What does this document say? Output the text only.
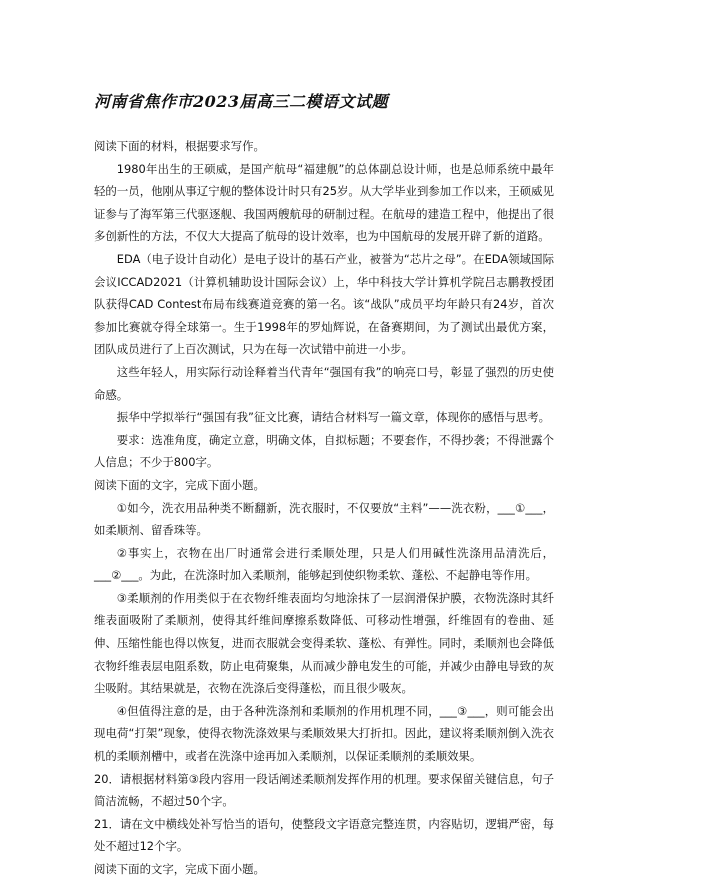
河南省焦作市2023届高三二模语文试题

阅读下面的材料，根据要求写作。

1980年出生的王硕威，是国产航母“福建舰”的总体副总设计师，也是总师系统中最年轻的一员，他刚从事辽宁舰的整体设计时只有25岁。从大学毕业到参加工作以来，王硕威见证参与了海军第三代驱逐舰、我国两艘航母的研制过程。在航母的建造工程中，他提出了很多创新性的方法，不仅大大提高了航母的设计效率，也为中国航母的发展开辟了新的道路。

EDA（电子设计自动化）是电子设计的基石产业，被誉为“芯片之母”。在EDA领域国际会议ICCAD2021（计算机辅助设计国际会议）上，华中科技大学计算机学院吕志鹏教授团队获得CAD Contest布局布线赛道竞赛的第一名。该“战队”成员平均年龄只有24岁，首次参加比赛就夺得全球第一。生于1998年的罗灿辉说，在备赛期间，为了测试出最优方案，团队成员进行了上百次测试，只为在每一次试错中前进一小步。

这些年轻人，用实际行动诠释着当代青年“强国有我”的响亮口号，彰显了强烈的历史使命感。

振华中学拟举行“强国有我”征文比赛，请结合材料写一篇文章，体现你的感悟与思考。

要求：选准角度，确定立意，明确文体，自拟标题；不要套作，不得抄袭；不得泄露个人信息；不少于800字。

阅读下面的文字，完成下面小题。

①如今，洗衣用品种类不断翻新，洗衣服时，不仅要放“主料”——洗衣粉，___①___，如柔顺剂、留香珠等。

②事实上，衣物在出厂时通常会进行柔顺处理，只是人们用碱性洗涤用品清洗后，___②___。为此，在洗涤时加入柔顺剂，能够起到使织物柔软、蓬松、不起静电等作用。

③柔顺剂的作用类似于在衣物纤维表面均匀地涂抹了一层润滑保护膜，衣物洗涤时其纤维表面吸附了柔顺剂，使得其纤维间摩擦系数降低、可移动性增强，纤维固有的卷曲、延伸、压缩性能也得以恢复，进而衣服就会变得柔软、蓬松、有弹性。同时，柔顺剂也会降低衣物纤维表层电阻系数，防止电荷聚集，从而减少静电发生的可能，并减少由静电导致的灰尘吸附。其结果就是，衣物在洗涤后变得蓬松，而且很少吸灰。

④但值得注意的是，由于各种洗涤剂和柔顺剂的作用机理不同，___③___，则可能会出现电荷“打架”现象，使得衣物洗涤效果与柔顺效果大打折扣。因此，建议将柔顺剂倒入洗衣机的柔顺剂槽中，或者在洗涤中途再加入柔顺剂，以保证柔顺剂的柔顺效果。

20．请根据材料第③段内容用一段话阐述柔顺剂发挥作用的机理。要求保留关键信息，句子简洁流畅，不超过50个字。

21．请在文中横线处补写恰当的语句，使整段文字语意完整连贯，内容贴切，逻辑严密，每处不超过12个字。

阅读下面的文字，完成下面小题。
